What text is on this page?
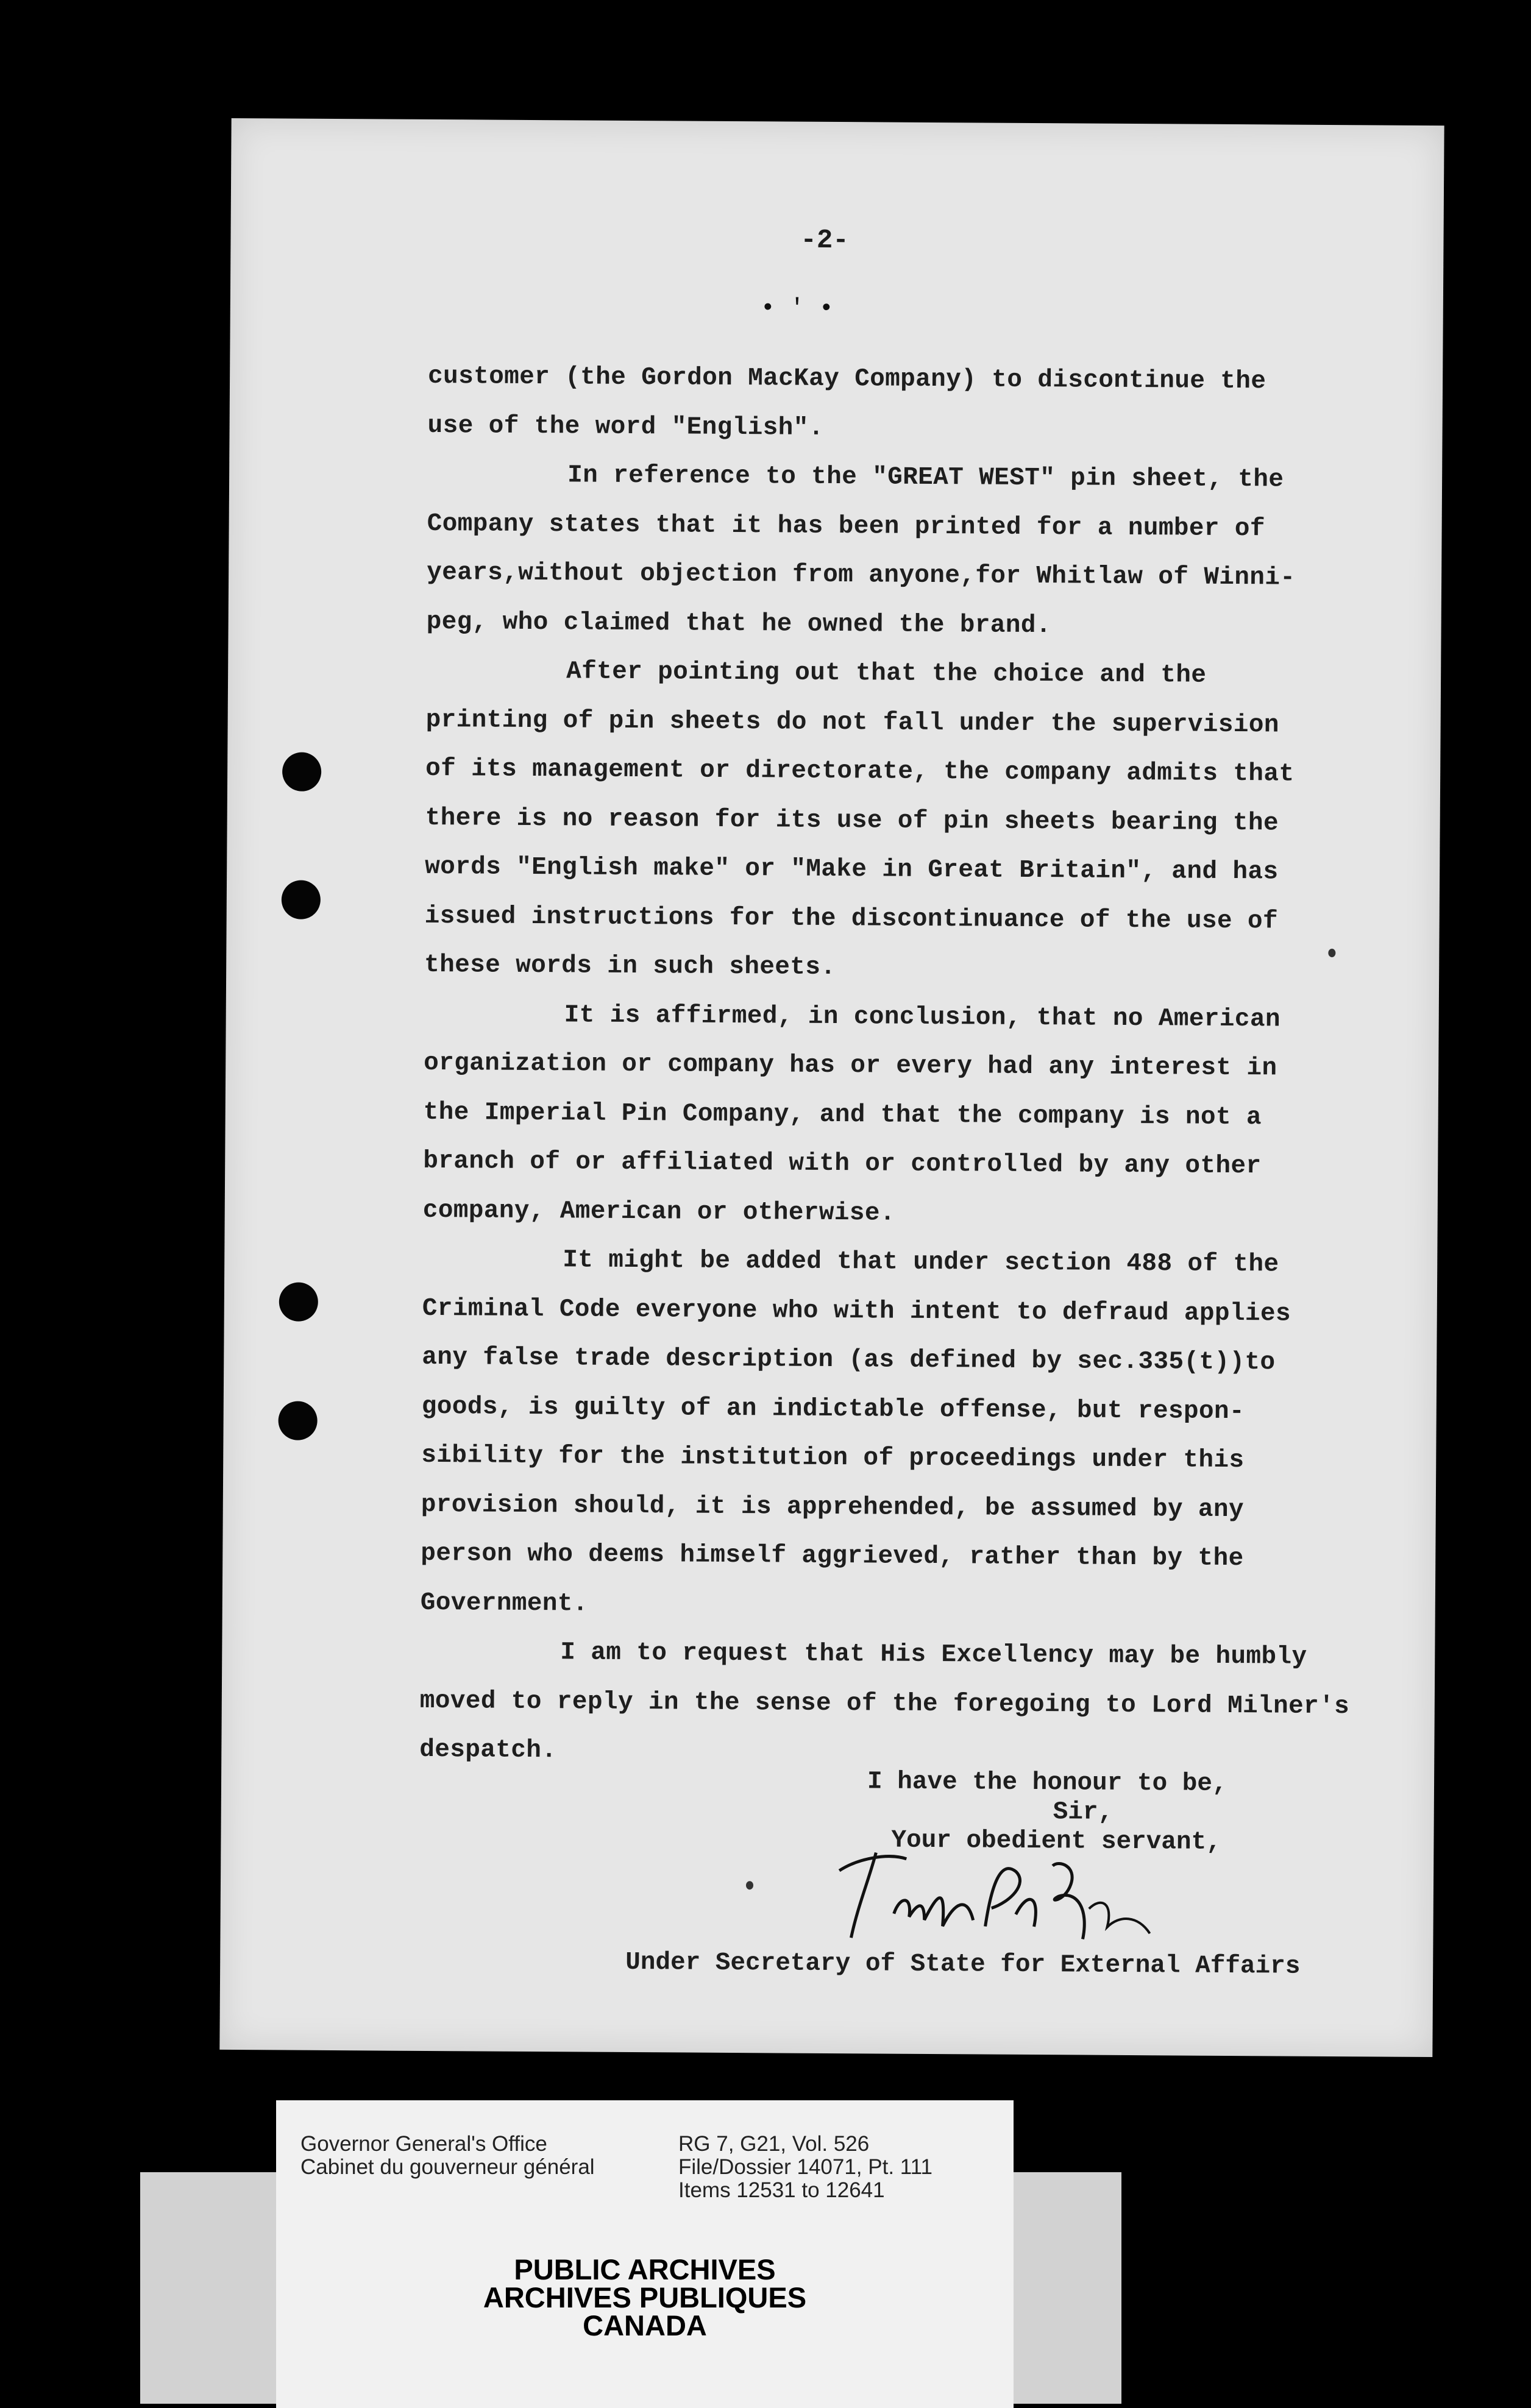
-2-
• ' •
customer (the Gordon MacKay Company) to discontinue the
use of the word "English".
In reference to the "GREAT WEST" pin sheet, the
Company states that it has been printed for a number of
years,without objection from anyone,for Whitlaw of Winni-
peg, who claimed that he owned the brand.
After pointing out that the choice and the
printing of pin sheets do not fall under the supervision
of its management or directorate, the company admits that
there is no reason for its use of pin sheets bearing the
words "English make" or "Make in Great Britain", and has
issued instructions for the discontinuance of the use of
these words in such sheets.
It is affirmed, in conclusion, that no American
organization or company has or every had any interest in
the Imperial Pin Company, and that the company is not a
branch of or affiliated with or controlled by any other
company, American or otherwise.
It might be added that under section 488 of the
Criminal Code everyone who with intent to defraud applies
any false trade description (as defined by sec.335(t))to
goods, is guilty of an indictable offense, but respon-
sibility for the institution of proceedings under this
provision should, it is apprehended, be assumed by any
person who deems himself aggrieved, rather than by the
Government.
I am to request that His Excellency may be humbly
moved to reply in the sense of the foregoing to Lord Milner's
despatch.
I have the honour to be,
Sir,
Your obedient servant,
Under Secretary of State for External Affairs
Governor General's Office
Cabinet du gouverneur général
RG 7, G21, Vol. 526
File/Dossier 14071, Pt. 111
Items 12531 to 12641
PUBLIC ARCHIVES
ARCHIVES PUBLIQUES
CANADA
